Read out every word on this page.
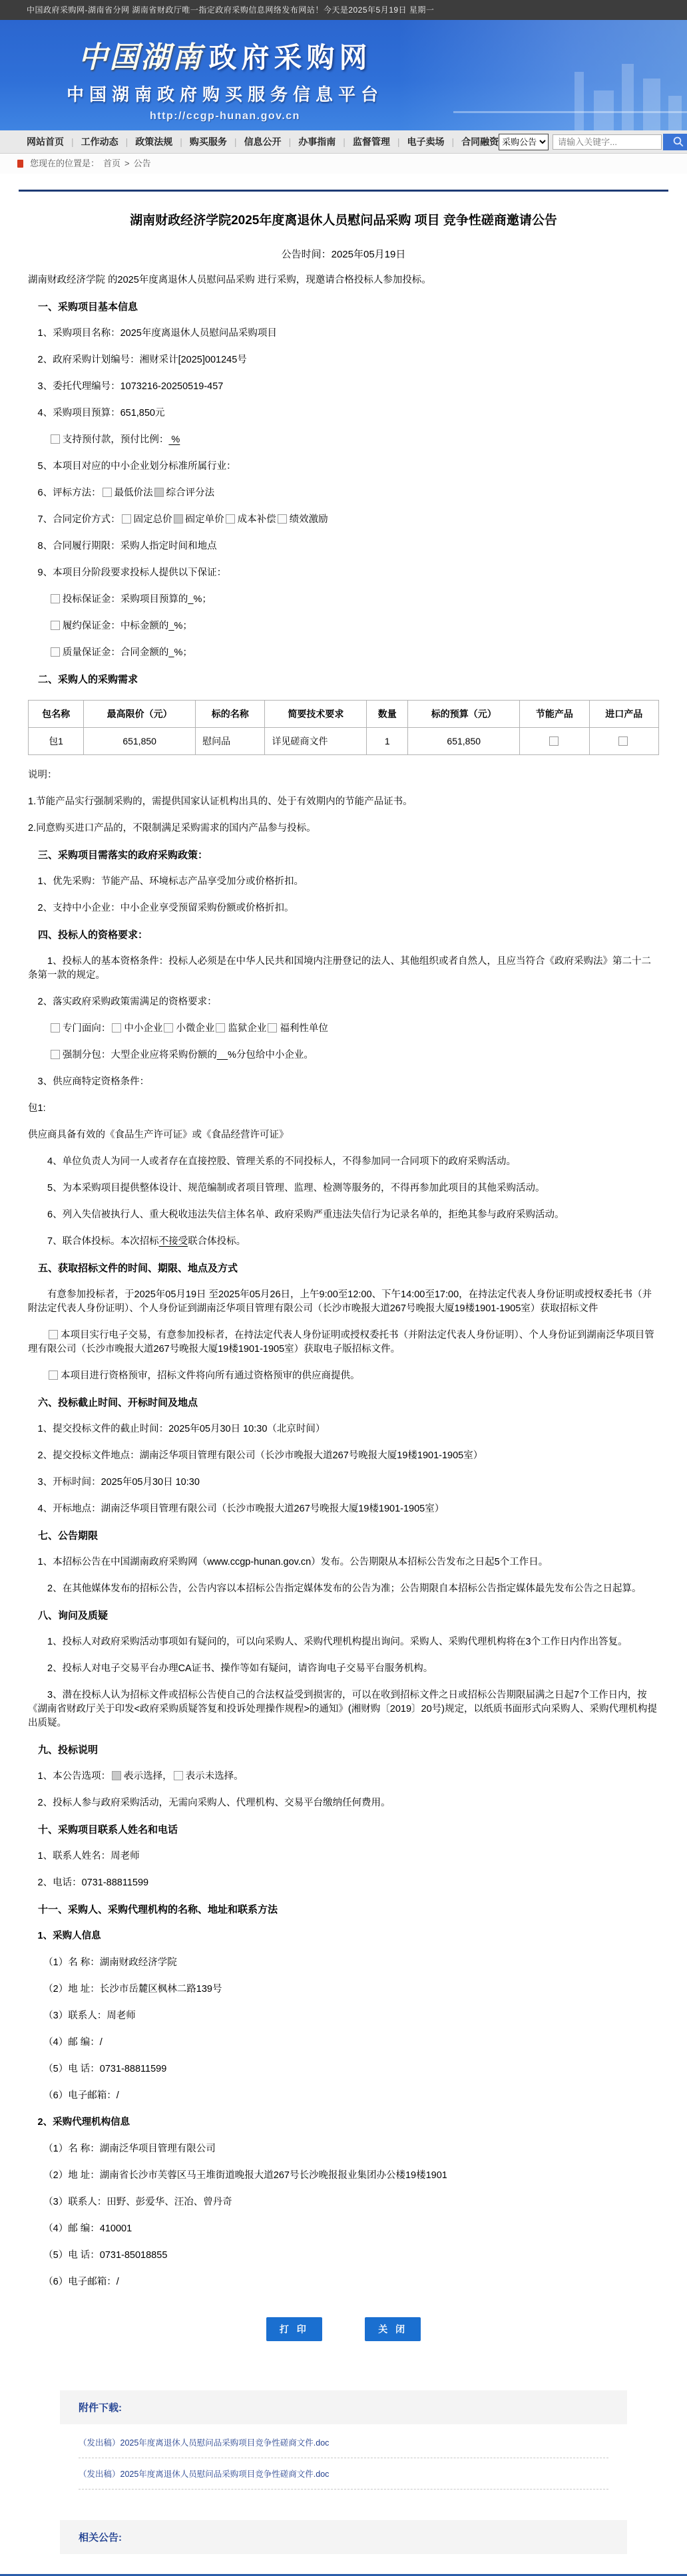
中国政府采购网-湖南省分网 湖南省财政厅唯一指定政府采购信息网络发布网站！今天是2025年5月19日 星期一
中国湖南 政府采购网
中国湖南政府购买服务信息平台
http://ccgp-hunan.gov.cn
网站首页	| 工作动态	| 政策法规	| 购买服务	| 信息公开	| 办事指南	| 监督管理	| 电子卖场	| 合同融资
采购公告
请输入关键字...
您现在的位置是： 首页 > 公告
湖南财政经济学院2025年度离退休人员慰问品采购 项目 竞争性磋商邀请公告
公告时间：2025年05月19日

湖南财政经济学院 的2025年度离退休人员慰问品采购 进行采购，现邀请合格投标人参加投标。

一、采购项目基本信息

1、采购项目名称：2025年度离退休人员慰问品采购项目

2、政府采购计划编号：湘财采计[2025]001245号

3、委托代理编号：1073216-20250519-457

4、采购项目预算：651,850元

支持预付款，预付比例： %

5、本项目对应的中小企业划分标准所属行业：

6、评标方法： 最低价法 ✓ 综合评分法

7、合同定价方式： 固定总价 ✓ 固定单价 成本补偿 绩效激励

8、合同履行期限：采购人指定时间和地点

9、本项目分阶段要求投标人提供以下保证：

投标保证金：采购项目预算的_%；

履约保证金：中标金额的_%；

质量保证金：合同金额的_%；

二、采购人的采购需求

包名称	最高限价（元）	标的名称	简要技术要求	数量	标的预算（元）	节能产品	进口产品
包1	651,850	慰问品	详见磋商文件	1	651,850		

说明：

1.节能产品实行强制采购的，需提供国家认证机构出具的、处于有效期内的节能产品证书。

2.同意购买进口产品的，不限制满足采购需求的国内产品参与投标。

三、采购项目需落实的政府采购政策：

1、优先采购：节能产品、环境标志产品享受加分或价格折扣。

2、支持中小企业：中小企业享受预留采购份额或价格折扣。

四、投标人的资格要求：

1、投标人的基本资格条件：投标人必须是在中华人民共和国境内注册登记的法人、其他组织或者自然人，且应当符合《政府采购法》第二十二条第一款的规定。

2、落实政府采购政策需满足的资格要求：

专门面向： 中小企业 小微企业 监狱企业 福利性单位

强制分包：大型企业应将采购份额的__%分包给中小企业。

3、供应商特定资格条件：

包1:

供应商具备有效的《食品生产许可证》或《食品经营许可证》

4、单位负责人为同一人或者存在直接控股、管理关系的不同投标人，不得参加同一合同项下的政府采购活动。

5、为本采购项目提供整体设计、规范编制或者项目管理、监理、检测等服务的，不得再参加此项目的其他采购活动。

6、列入失信被执行人、重大税收违法失信主体名单、政府采购严重违法失信行为记录名单的，拒绝其参与政府采购活动。

7、联合体投标。本次招标不接受联合体投标。

五、获取招标文件的时间、期限、地点及方式

有意参加投标者，于2025年05月19日 至2025年05月26日，上午9:00至12:00、下午14:00至17:00，在持法定代表人身份证明或授权委托书（并附法定代表人身份证明）、个人身份证到湖南泛华项目管理有限公司（长沙市晚报大道267号晚报大厦19楼1901-1905室）获取招标文件

本项目实行电子交易，有意参加投标者，在持法定代表人身份证明或授权委托书（并附法定代表人身份证明）、个人身份证到湖南泛华项目管理有限公司（长沙市晚报大道267号晚报大厦19楼1901-1905室）获取电子版招标文件。

本项目进行资格预审，招标文件将向所有通过资格预审的供应商提供。

六、投标截止时间、开标时间及地点

1、提交投标文件的截止时间：2025年05月30日 10:30（北京时间）

2、提交投标文件地点：湖南泛华项目管理有限公司（长沙市晚报大道267号晚报大厦19楼1901-1905室）

3、开标时间：2025年05月30日 10:30

4、开标地点：湖南泛华项目管理有限公司（长沙市晚报大道267号晚报大厦19楼1901-1905室）

七、公告期限

1、本招标公告在中国湖南政府采购网（www.ccgp-hunan.gov.cn）发布。公告期限从本招标公告发布之日起5个工作日。

2、在其他媒体发布的招标公告，公告内容以本招标公告指定媒体发布的公告为准；公告期限自本招标公告指定媒体最先发布公告之日起算。

八、询问及质疑

1、投标人对政府采购活动事项如有疑问的，可以向采购人、采购代理机构提出询问。采购人、采购代理机构将在3个工作日内作出答复。

2、投标人对电子交易平台办理CA证书、操作等如有疑问，请咨询电子交易平台服务机构。

3、潜在投标人认为招标文件或招标公告使自己的合法权益受到损害的，可以在收到招标文件之日或招标公告期限届满之日起7个工作日内，按《湖南省财政厅关于印发<政府采购质疑答复和投诉处理操作规程>的通知》(湘财购〔2019〕20号)规定，以纸质书面形式向采购人、采购代理机构提出质疑。

九、投标说明

1、本公告选项： ✓ 表示选择， 表示未选择。

2、投标人参与政府采购活动，无需向采购人、代理机构、交易平台缴纳任何费用。

十、采购项目联系人姓名和电话

1、联系人姓名：周老师

2、电话：0731-88811599

十一、采购人、采购代理机构的名称、地址和联系方法

1、采购人信息

（1）名 称：湖南财政经济学院

（2）地 址：长沙市岳麓区枫林二路139号

（3）联系人：周老师

（4）邮 编：/

（5）电 话：0731-88811599

（6）电子邮箱：/

2、采购代理机构信息

（1）名 称：湖南泛华项目管理有限公司

（2）地 址：湖南省长沙市芙蓉区马王堆街道晚报大道267号长沙晚报报业集团办公楼19楼1901

（3）联系人：田野、彭爱华、汪冶、曾丹奇

（4）邮 编：410001

（5）电 话：0731-85018855

（6）电子邮箱：/

打 印	关 闭
附件下载:
（发出稿）2025年度离退休人员慰问品采购项目竞争性磋商文件.doc
（发出稿）2025年度离退休人员慰问品采购项目竞争性磋商文件.doc
相关公告:
